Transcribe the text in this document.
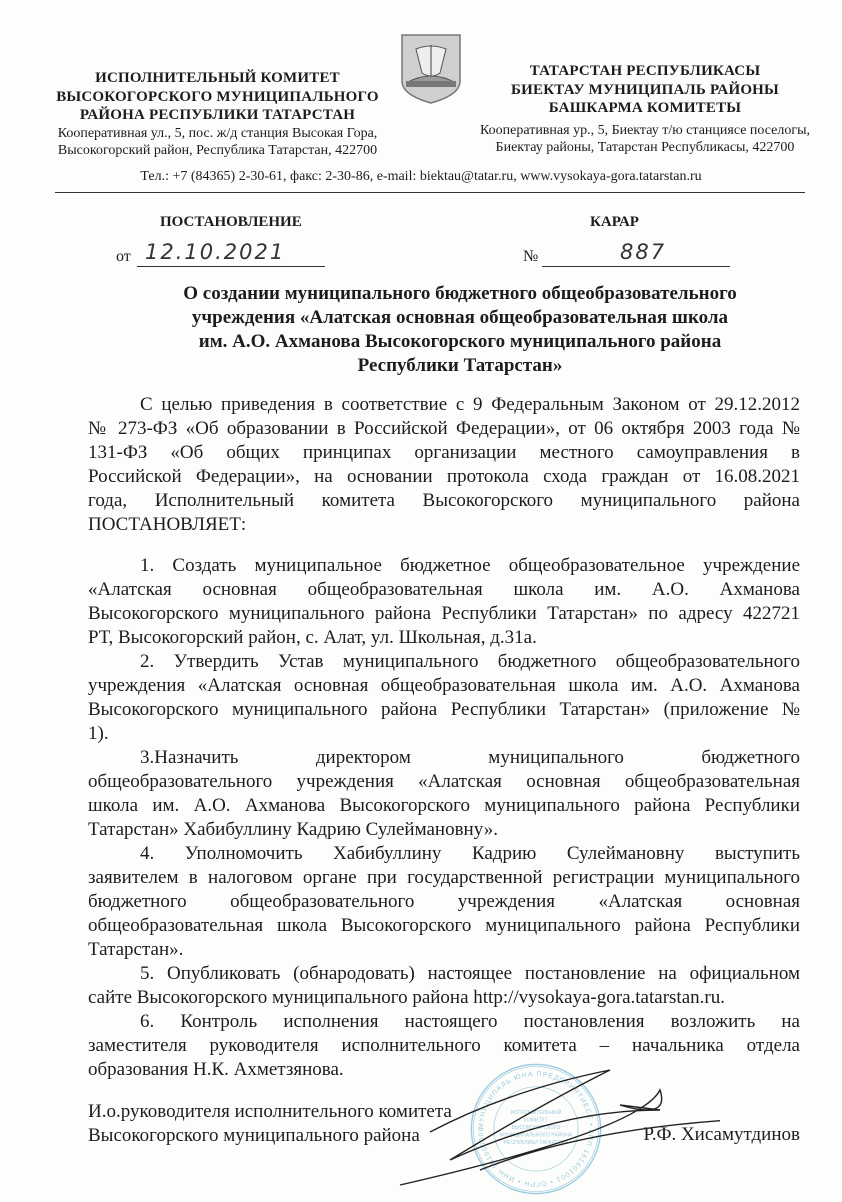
ИСПОЛНИТЕЛЬНЫЙ КОМИТЕТ
ВЫСОКОГОРСКОГО МУНИЦИПАЛЬНОГО
РАЙОНА РЕСПУБЛИКИ ТАТАРСТАН
Кооперативная ул., 5, пос. ж/д станция Высокая Гора,
Высокогорский район, Республика Татарстан, 422700
ТАТАРСТАН РЕСПУБЛИКАСЫ
БИЕКТАУ МУНИЦИПАЛЬ РАЙОНЫ
БАШКАРМА КОМИТЕТЫ
Кооперативная ур., 5, Биектау т/ю станциясе поселогы,
Биектау районы, Татарстан Республикасы, 422700
Тел.: +7 (84365) 2-30-61, факс: 2-30-86, e-mail: biektau@tatar.ru, www.vysokaya-gora.tatarstan.ru
ПОСТАНОВЛЕНИЕ	КАРАР
от 12.10.2021	№	887
О создании муниципального бюджетного общеобразовательного
учреждения «Алатская основная общеобразовательная школа
им. А.О. Ахманова Высокогорского муниципального района
Республики Татарстан»
С целью приведения в соответствие с 9 Федеральным Законом от 29.12.2012
№ 273-ФЗ «Об образовании в Российской Федерации», от 06 октября 2003 года №
131-ФЗ «Об общих принципах организации местного самоуправления в
Российской Федерации», на основании протокола схода граждан от 16.08.2021
года, Исполнительный комитета Высокогорского муниципального района
ПОСТАНОВЛЯЕТ:
1. Создать муниципальное бюджетное общеобразовательное учреждение
«Алатская основная общеобразовательная школа им. А.О. Ахманова
Высокогорского муниципального района Республики Татарстан» по адресу 422721
РТ, Высокогорский район, с. Алат, ул. Школьная, д.31а.
2. Утвердить Устав муниципального бюджетного общеобразовательного
учреждения «Алатская основная общеобразовательная школа им. А.О. Ахманова
Высокогорского муниципального района Республики Татарстан» (приложение №
1).
3.Назначить директором муниципального бюджетного
общеобразовательного учреждения «Алатская основная общеобразовательная
школа им. А.О. Ахманова Высокогорского муниципального района Республики
Татарстан» Хабибуллину Кадрию Сулеймановну».
4. Уполномочить Хабибуллину Кадрию Сулеймановну выступить
заявителем в налоговом органе при государственной регистрации муниципального
бюджетного общеобразовательного учреждения «Алатская основная
общеобразовательная школа Высокогорского муниципального района Республики
Татарстан».
5. Опубликовать (обнародовать) настоящее постановление на официальном
сайте Высокогорского муниципального района http://vysokaya-gora.tatarstan.ru.
6. Контроль исполнения настоящего постановления возложить на
заместителя руководителя исполнительного комитета – начальника отдела
образования Н.К. Ахметзянова.
МУНИЦИПАЛЬ ЮНА ПРЕДПРИЯТИЕСЕ • КПП 161601001 • ОГРН • ИНН 161600000
ИСПОЛНИТЕЛЬНЫЙ
КОМИТЕТ
ВЫСОКОГОРСКОГО
МУНИЦИПАЛЬНОГО РАЙОНА
РЕСПУБЛИКИ ТАТАРСТАН
И.о.руководителя исполнительного комитета
Высокогорского муниципального района	Р.Ф. Хисамутдинов
